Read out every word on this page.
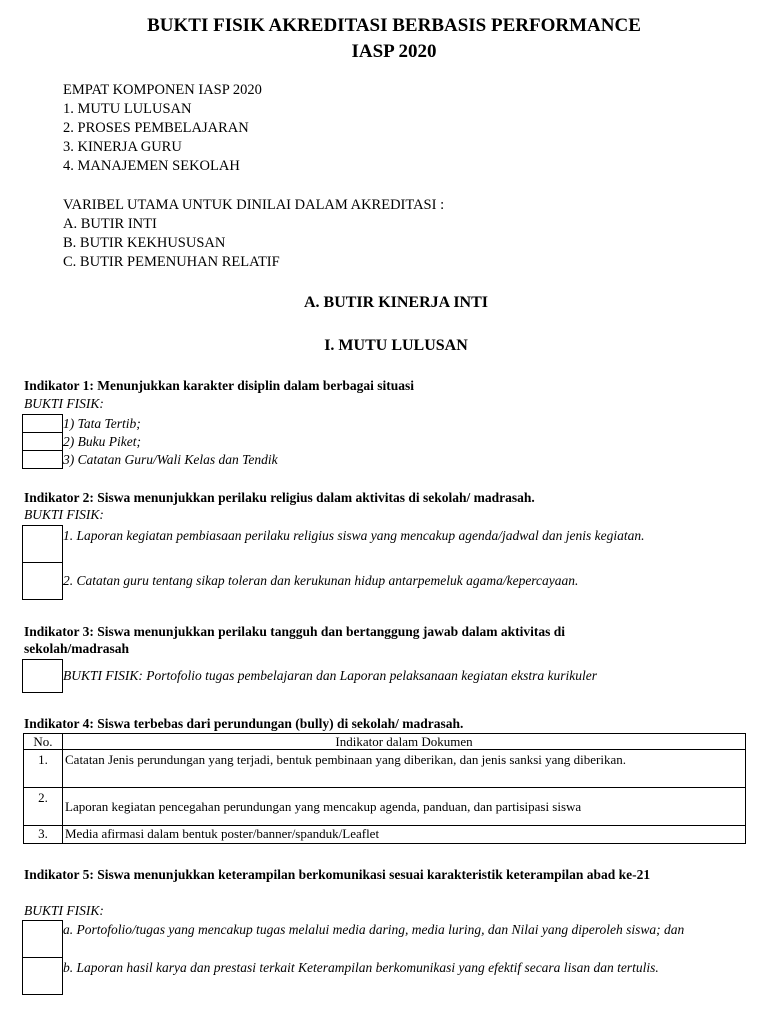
BUKTI FISIK AKREDITASI BERBASIS PERFORMANCE
IASP 2020
EMPAT KOMPONEN IASP 2020
1. MUTU LULUSAN
2. PROSES PEMBELAJARAN
3. KINERJA GURU
4. MANAJEMEN SEKOLAH
VARIBEL UTAMA UNTUK DINILAI DALAM AKREDITASI :
A. BUTIR INTI
B. BUTIR KEKHUSUSAN
C. BUTIR PEMENUHAN RELATIF
A. BUTIR KINERJA INTI
I. MUTU LULUSAN
Indikator 1: Menunjukkan karakter disiplin dalam berbagai situasi
BUKTI FISIK:
1) Tata Tertib;
2) Buku Piket;
3) Catatan Guru/Wali Kelas dan Tendik
Indikator 2: Siswa menunjukkan perilaku religius dalam aktivitas di sekolah/ madrasah.
BUKTI FISIK:
1. Laporan kegiatan pembiasaan perilaku religius siswa yang mencakup agenda/jadwal dan jenis kegiatan.
2. Catatan guru tentang sikap toleran dan kerukunan hidup antarpemeluk agama/kepercayaan.
Indikator 3: Siswa menunjukkan perilaku tangguh dan bertanggung jawab dalam aktivitas di sekolah/madrasah
BUKTI FISIK: Portofolio tugas pembelajaran dan Laporan pelaksanaan kegiatan ekstra kurikuler
Indikator 4: Siswa terbebas dari perundungan (bully) di sekolah/ madrasah.
No.	Indikator dalam Dokumen
1.	Catatan Jenis perundungan yang terjadi, bentuk pembinaan yang diberikan, dan jenis sanksi yang diberikan.
2.	Laporan kegiatan pencegahan perundungan yang mencakup agenda, panduan, dan partisipasi siswa
3.	Media afirmasi dalam bentuk poster/banner/spanduk/Leaflet
Indikator 5: Siswa menunjukkan keterampilan berkomunikasi sesuai karakteristik keterampilan abad ke-21
BUKTI FISIK:
a. Portofolio/tugas yang mencakup tugas melalui media daring, media luring, dan Nilai yang diperoleh siswa; dan
b. Laporan hasil karya dan prestasi terkait Keterampilan berkomunikasi yang efektif secara lisan dan tertulis.
